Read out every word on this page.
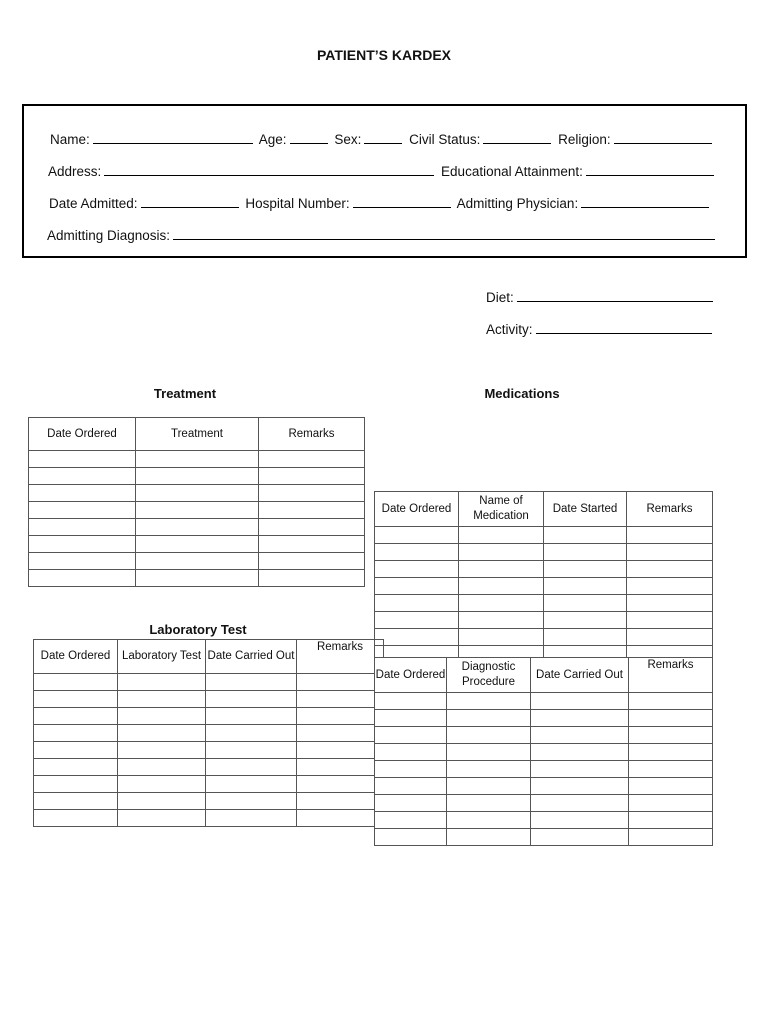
PATIENT’S KARDEX
Name:	Age:	Sex:	Civil Status:	Religion:
Address:	Educational Attainment:
Date Admitted:	Hospital Number:	Admitting Physician:
Admitting Diagnosis:
Diet:
Activity:
Treatment	Medications
Laboratory Test
Date Ordered	Treatment	Remarks

Date Ordered	Name of Medication	Date Started	Remarks

Date Ordered	Laboratory Test	Date Carried Out	Remarks

Date Ordered	Diagnostic Procedure	Date Carried Out	Remarks
